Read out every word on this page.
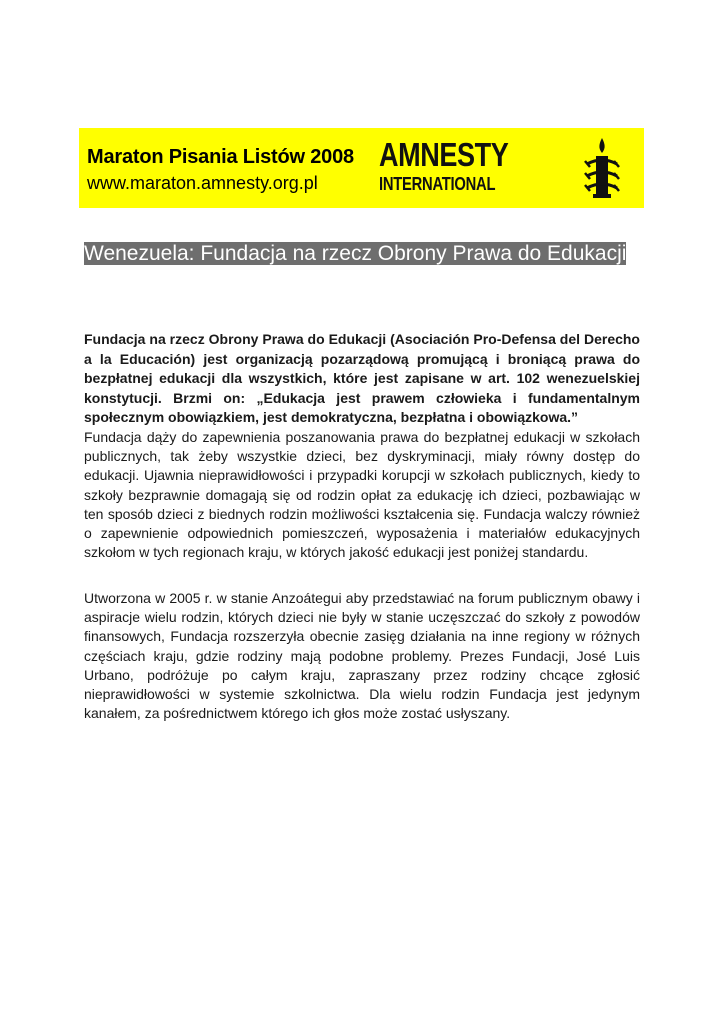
Maraton Pisania Listów 2008
www.maraton.amnesty.org.pl
AMNESTY
INTERNATIONAL
Wenezuela: Fundacja na rzecz Obrony Prawa do Edukacji

Fundacja na rzecz Obrony Prawa do Edukacji (Asociación Pro-Defensa del Derecho a la Educación) jest organizacją pozarządową promującą i broniącą prawa do bezpłatnej edukacji dla wszystkich, które jest zapisane w art. 102 wenezuelskiej konstytucji. Brzmi on: „Edukacja jest prawem człowieka i fundamentalnym społecznym obowiązkiem, jest demokratyczna, bezpłatna i obowiązkowa.”

Fundacja dąży do zapewnienia poszanowania prawa do bezpłatnej edukacji w szkołach publicznych, tak żeby wszystkie dzieci, bez dyskryminacji, miały równy dostęp do edukacji. Ujawnia nieprawidłowości i przypadki korupcji w szkołach publicznych, kiedy to szkoły bezprawnie domagają się od rodzin opłat za edukację ich dzieci, pozbawiając w ten sposób dzieci z biednych rodzin możliwości kształcenia się. Fundacja walczy również o zapewnienie odpowiednich pomieszczeń, wyposażenia i materiałów edukacyjnych szkołom w tych regionach kraju, w których jakość edukacji jest poniżej standardu.

Utworzona w 2005 r. w stanie Anzoátegui aby przedstawiać na forum publicznym obawy i aspiracje wielu rodzin, których dzieci nie były w stanie uczęszczać do szkoły z powodów finansowych, Fundacja rozszerzyła obecnie zasięg działania na inne regiony w różnych częściach kraju, gdzie rodziny mają podobne problemy. Prezes Fundacji, José Luis Urbano, podróżuje po całym kraju, zapraszany przez rodziny chcące zgłosić nieprawidłowości w systemie szkolnictwa. Dla wielu rodzin Fundacja jest jedynym kanałem, za pośrednictwem którego ich głos może zostać usłyszany.
